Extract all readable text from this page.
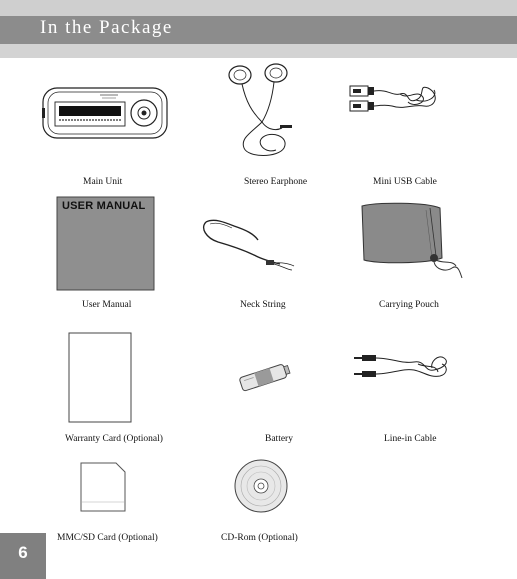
In the Package
Main Unit	Stereo Earphone	Mini USB Cable
USER MANUAL
User Manual	Neck String	Carrying Pouch
Warranty Card (Optional)	Battery	Line-in Cable
MMC/SD Card (Optional)	CD-Rom (Optional)
6
